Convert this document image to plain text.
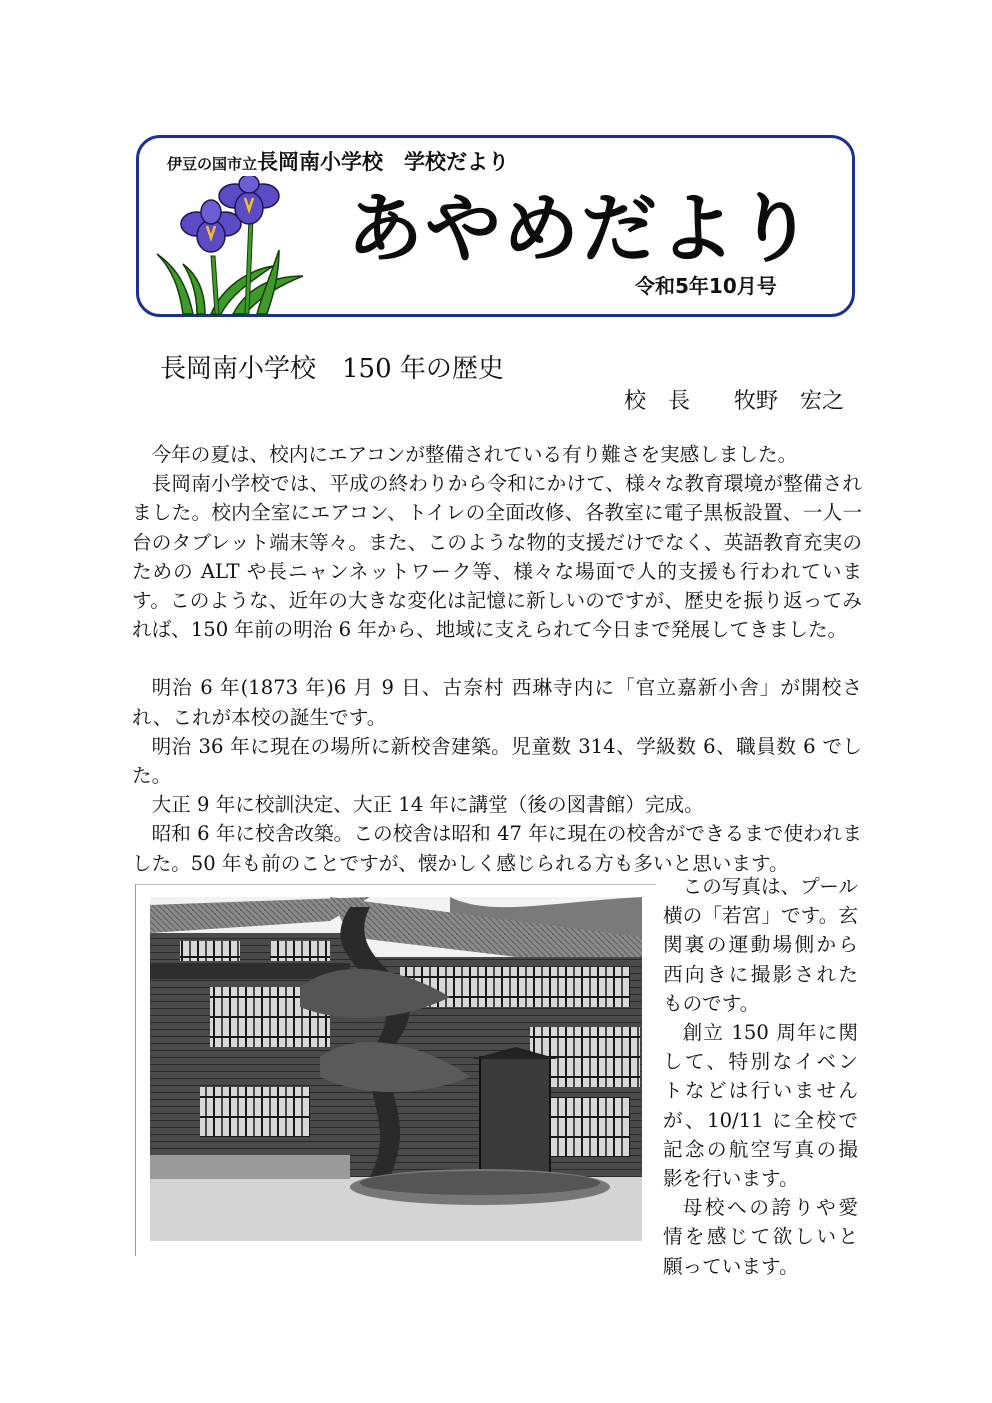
伊豆の国市立長岡南小学校　学校だより
あやめだより
令和5年10月号
長岡南小学校　150 年の歴史
校　長　　牧野　宏之

今年の夏は、校内にエアコンが整備されている有り難さを実感しました。

長岡南小学校では、平成の終わりから令和にかけて、様々な教育環境が整備されました。校内全室にエアコン、トイレの全面改修、各教室に電子黒板設置、一人一台のタブレット端末等々。また、このような物的支援だけでなく、英語教育充実のための ALT や長ニャンネットワーク等、様々な場面で人的支援も行われています。このような、近年の大きな変化は記憶に新しいのですが、歴史を振り返ってみれば、150 年前の明治 6 年から、地域に支えられて今日まで発展してきました。

明治 6 年(1873 年)6 月 9 日、古奈村 西琳寺内に「官立嘉新小舎」が開校され、これが本校の誕生です。

明治 36 年に現在の場所に新校舎建築。児童数 314、学級数 6、職員数 6 でした。

大正 9 年に校訓決定、大正 14 年に講堂（後の図書館）完成。

昭和 6 年に校舎改築。この校舎は昭和 47 年に現在の校舎ができるまで使われました。50 年も前のことですが、懐かしく感じられる方も多いと思います。

この写真は、プール横の「若宮」です。玄関裏の運動場側から西向きに撮影されたものです。

創立 150 周年に関して、特別なイベントなどは行いませんが、10/11 に全校で記念の航空写真の撮影を行います。

母校への誇りや愛情を感じて欲しいと願っています。
